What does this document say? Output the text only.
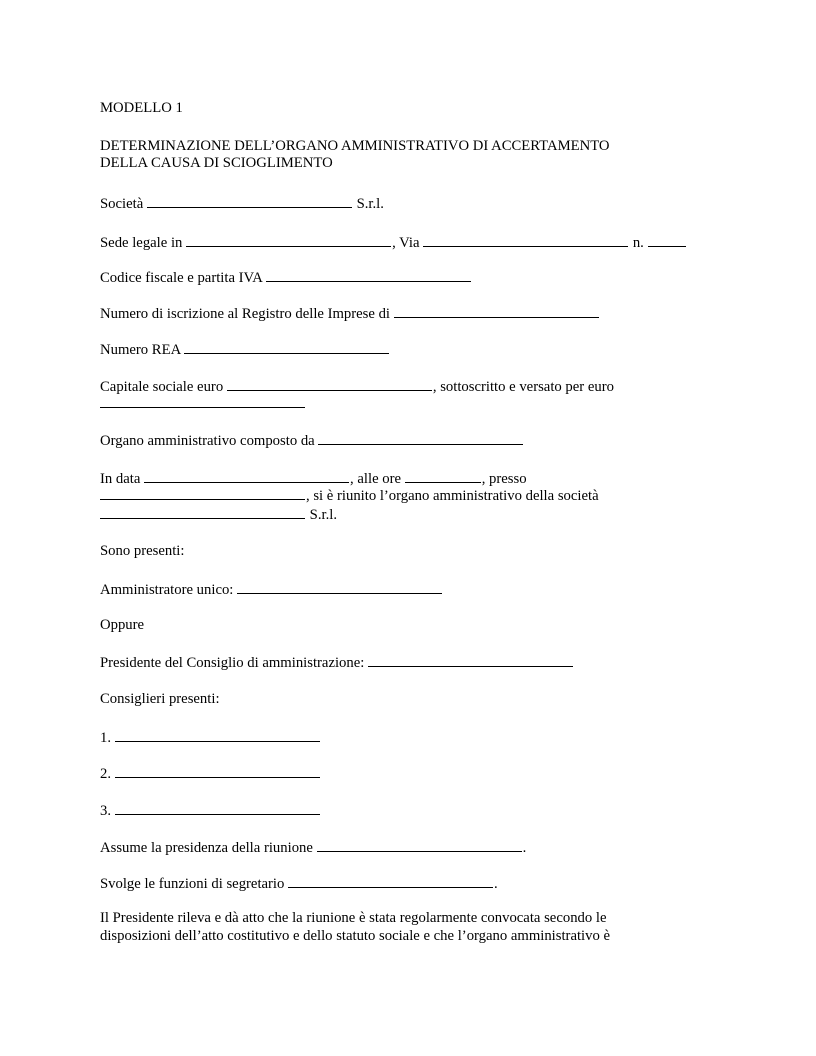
MODELLO 1
DETERMINAZIONE DELL’ORGANO AMMINISTRATIVO DI ACCERTAMENTO
DELLA CAUSA DI SCIOGLIMENTO
Società	S.r.l.
Sede legale in	, Via	n.
Codice fiscale e partita IVA
Numero di iscrizione al Registro delle Imprese di
Numero REA
Capitale sociale euro	, sottoscritto e versato per euro
Organo amministrativo composto da
In data	, alle ore	, presso
, si è riunito l’organo amministrativo della società
S.r.l.
Sono presenti:
Amministratore unico:
Oppure
Presidente del Consiglio di amministrazione:
Consiglieri presenti:
1.
2.
3.
Assume la presidenza della riunione	.
Svolge le funzioni di segretario	.
Il Presidente rileva e dà atto che la riunione è stata regolarmente convocata secondo le
disposizioni dell’atto costitutivo e dello statuto sociale e che l’organo amministrativo è
